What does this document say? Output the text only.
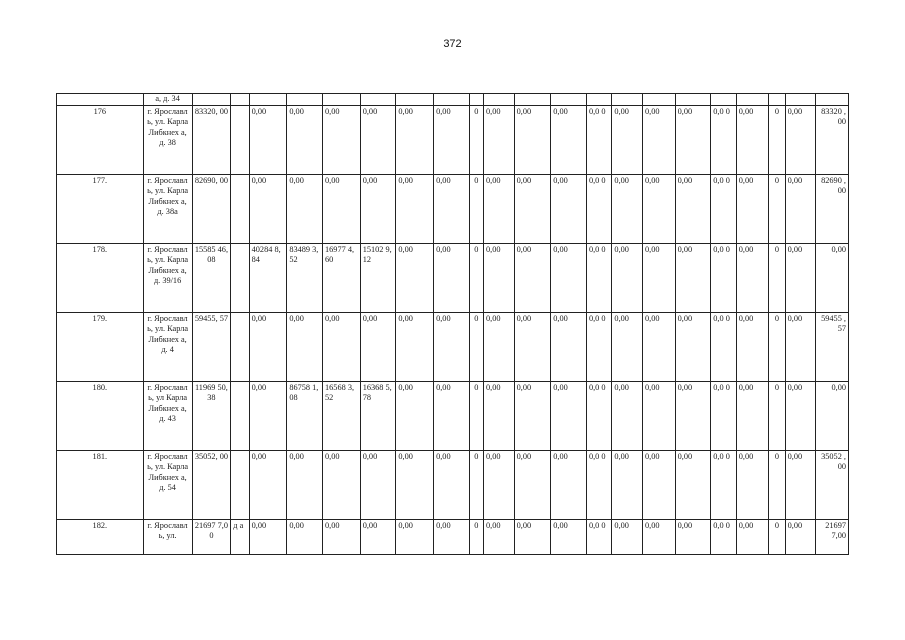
372
	а, д. 34																					
176	г. Ярославл ь, ул. Карла Либкнех а, д. 38	83320, 00		0,00	0,00	0,00	0,00	0,00	0,00	0	0,00	0,00	0,00	0,0 0	0,00	0,00	0,00	0,0 0	0,00	0	0,00	83320 ,00
177.	г. Ярославл ь, ул. Карла Либкнех а, д. 38а	82690, 00		0,00	0,00	0,00	0,00	0,00	0,00	0	0,00	0,00	0,00	0,0 0	0,00	0,00	0,00	0,0 0	0,00	0	0,00	82690 ,00
178.	г. Ярославл ь, ул. Карла Либкнех а, д. 39/16	15585 46,08		40284 8,84	83489 3,52	16977 4,60	15102 9,12	0,00	0,00	0	0,00	0,00	0,00	0,0 0	0,00	0,00	0,00	0,0 0	0,00	0	0,00	0,00
179.	г. Ярославл ь, ул. Карла Либкнех а, д. 4	59455, 57		0,00	0,00	0,00	0,00	0,00	0,00	0	0,00	0,00	0,00	0,0 0	0,00	0,00	0,00	0,0 0	0,00	0	0,00	59455 ,57
180.	г. Ярославл ь, ул Карла Либкнех а, д. 43	11969 50,38		0,00	86758 1,08	16568 3,52	16368 5,78	0,00	0,00	0	0,00	0,00	0,00	0,0 0	0,00	0,00	0,00	0,0 0	0,00	0	0,00	0,00
181.	г. Ярославл ь, ул. Карла Либкнех а, д. 54	35052, 00		0,00	0,00	0,00	0,00	0,00	0,00	0	0,00	0,00	0,00	0,0 0	0,00	0,00	0,00	0,0 0	0,00	0	0,00	35052 ,00
182.	г. Ярославл ь, ул.	21697 7,00	д а	0,00	0,00	0,00	0,00	0,00	0,00	0	0,00	0,00	0,00	0,0 0	0,00	0,00	0,00	0,0 0	0,00	0	0,00	21697 7,00
